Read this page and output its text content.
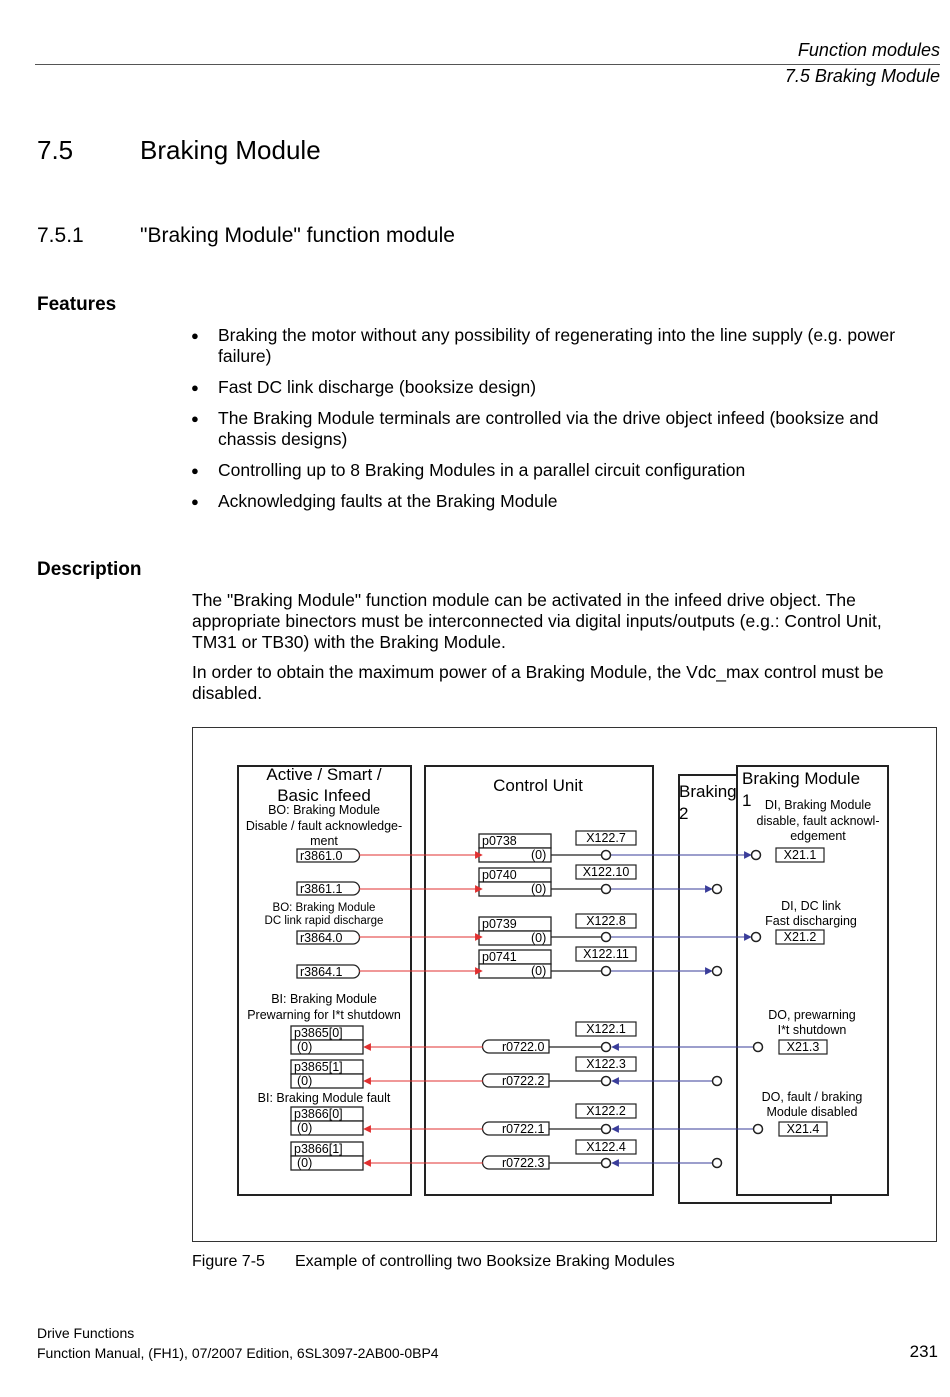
Function modules
7.5 Braking Module
7.5	Braking Module
7.5.1	"Braking Module" function module
Features
● Braking the motor without any possibility of regenerating into the line supply (e.g. power failure)
● Fast DC link discharge (booksize design)
● The Braking Module terminals are controlled via the drive object infeed (booksize and chassis designs)
● Controlling up to 8 Braking Modules in a parallel circuit configuration
● Acknowledging faults at the Braking Module
Description

The "Braking Module" function module can be activated in the infeed drive object. The appropriate binectors must be interconnected via digital inputs/outputs (e.g.: Control Unit, TM31 or TB30) with the Braking Module.

In order to obtain the maximum power of a Braking Module, the Vdc_max control must be disabled.

Active / Smart /
Basic Infeed
BO: Braking Module
Disable / fault acknowledge-
ment
BO: Braking Module
DC link rapid discharge
BI: Braking Module
Prewarning for I*t shutdown
BI: Braking Module fault
r3861.0
r3861.1
r3864.0
r3864.1
p3865[0]
(0)
p3865[1]
(0)
p3866[0]
(0)
p3866[1]
(0)
Control Unit
p0738
(0)
p0740
(0)
p0739
(0)
p0741
(0)
X122.7
X122.10
X122.8
X122.11
X122.1
X122.3
X122.2
X122.4
r0722.0
r0722.2
r0722.1
r0722.3
Braking
2
Braking Module
1 DI, Braking Module
disable, fault acknowl-
edgement
DI, DC link
Fast discharging
DO, prewarning
I*t shutdown
DO, fault / braking
Module disabled
X21.1
X21.2
X21.3
X21.4
Figure 7-5 Example of controlling two Booksize Braking Modules
Drive Functions
Function Manual, (FH1), 07/2007 Edition, 6SL3097-2AB00-0BP4	231
